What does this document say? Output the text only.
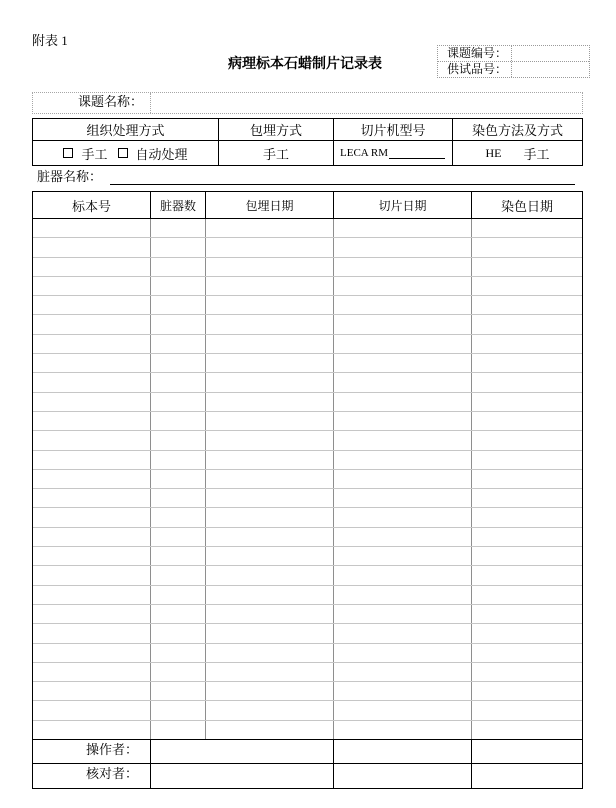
附表 1
病理标本石蜡制片记录表
课题编号：
供试品号：
课题名称：
组织处理方式	包埋方式	切片机型号	染色方法及方式
手工 自动处理	手工	LECA RM	HE 手工
脏器名称：
标本号	脏器数	包埋日期	切片日期	染色日期
操作者：
核对者：
